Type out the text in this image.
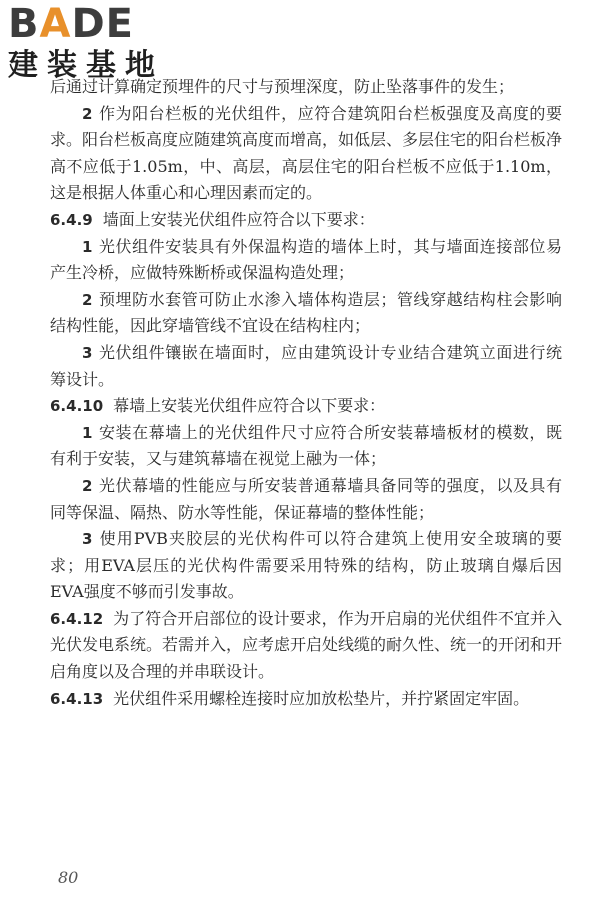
BADE
建装基地

后通过计算确定预埋件的尺寸与预埋深度，防止坠落事件的发生；

2 作为阳台栏板的光伏组件，应符合建筑阳台栏板强度及高度的要求。阳台栏板高度应随建筑高度而增高，如低层、多层住宅的阳台栏板净高不应低于1.05m，中、高层，高层住宅的阳台栏板不应低于1.10m，这是根据人体重心和心理因素而定的。

6.4.9 墙面上安装光伏组件应符合以下要求：

1 光伏组件安装具有外保温构造的墙体上时，其与墙面连接部位易产生冷桥，应做特殊断桥或保温构造处理；

2 预埋防水套管可防止水渗入墙体构造层；管线穿越结构柱会影响结构性能，因此穿墙管线不宜设在结构柱内；

3 光伏组件镶嵌在墙面时，应由建筑设计专业结合建筑立面进行统筹设计。

6.4.10 幕墙上安装光伏组件应符合以下要求：

1 安装在幕墙上的光伏组件尺寸应符合所安装幕墙板材的模数，既有利于安装，又与建筑幕墙在视觉上融为一体；

2 光伏幕墙的性能应与所安装普通幕墙具备同等的强度，以及具有同等保温、隔热、防水等性能，保证幕墙的整体性能；

3 使用PVB夹胶层的光伏构件可以符合建筑上使用安全玻璃的要求；用EVA层压的光伏构件需要采用特殊的结构，防止玻璃自爆后因EVA强度不够而引发事故。

6.4.12 为了符合开启部位的设计要求，作为开启扇的光伏组件不宜并入光伏发电系统。若需并入，应考虑开启处线缆的耐久性、统一的开闭和开启角度以及合理的并串联设计。

6.4.13 光伏组件采用螺栓连接时应加放松垫片，并拧紧固定牢固。

80
